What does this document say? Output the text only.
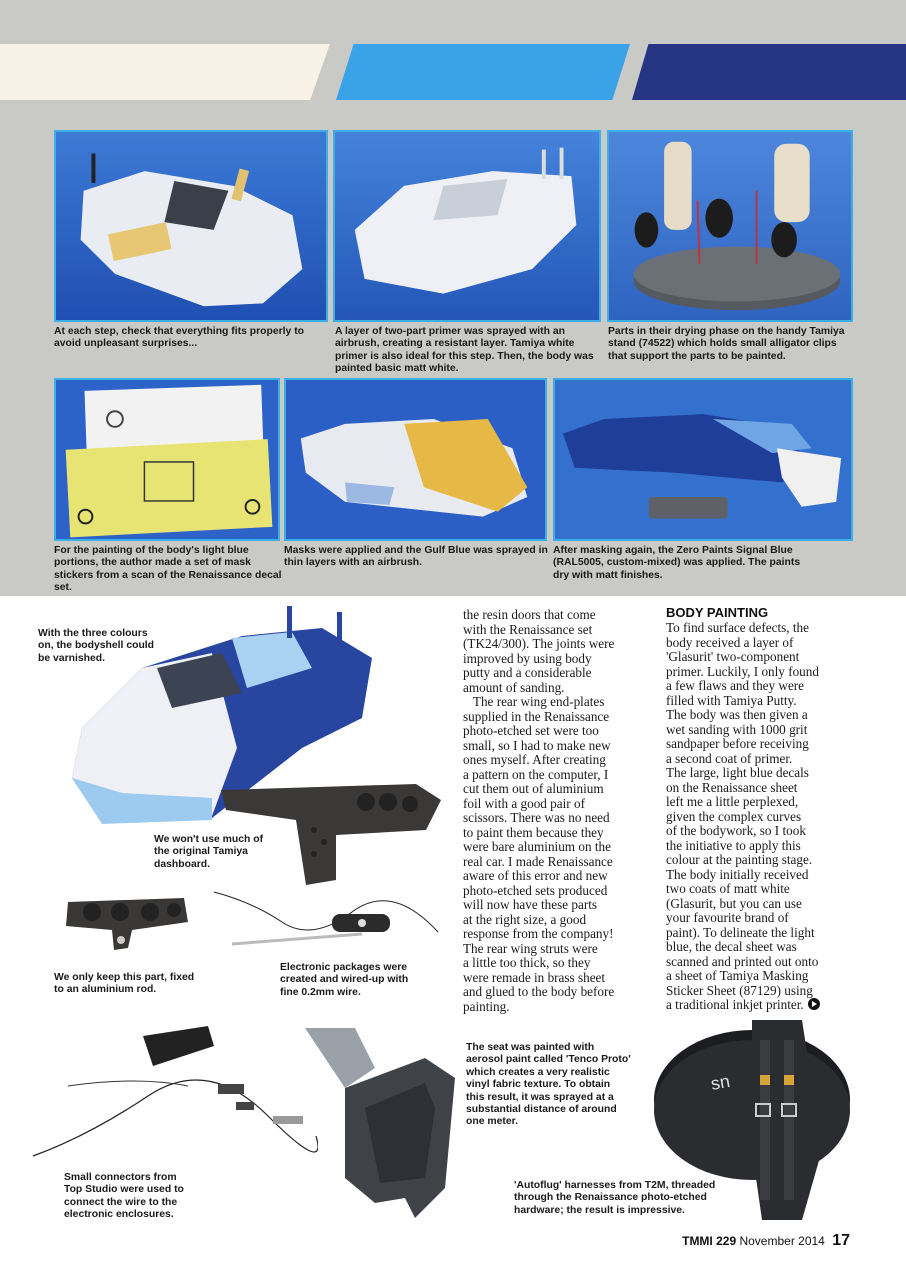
At each step, check that everything fits properly to avoid unpleasant surprises...

A layer of two-part primer was sprayed with an airbrush, creating a resistant layer. Tamiya white primer is also ideal for this step. Then, the body was painted basic matt white.

Parts in their drying phase on the handy Tamiya stand (74522) which holds small alligator clips that support the parts to be painted.

For the painting of the body's light blue portions, the author made a set of mask stickers from a scan of the Renaissance decal set.

Masks were applied and the Gulf Blue was sprayed in thin layers with an airbrush.

After masking again, the Zero Paints Signal Blue (RAL5005, custom-mixed) was applied. The paints dry with matt finishes.

With the three colours on, the bodyshell could be varnished.

We won't use much of the original Tamiya dashboard.

We only keep this part, fixed to an aluminium rod.

Electronic packages were created and wired-up with fine 0.2mm wire.

Small connectors from Top Studio were used to connect the wire to the electronic enclosures.

The seat was painted with aerosol paint called 'Tenco Proto' which creates a very realistic vinyl fabric texture. To obtain this result, it was sprayed at a substantial distance of around one meter.

sn

'Autoflug' harnesses from T2M, threaded through the Renaissance photo-etched hardware; the result is impressive.

the resin doors that come
with the Renaissance set
(TK24/300). The joints were
improved by using body
putty and a considerable
amount of sanding.
The rear wing end-plates
supplied in the Renaissance
photo-etched set were too
small, so I had to make new
ones myself. After creating
a pattern on the computer, I
cut them out of aluminium
foil with a good pair of
scissors. There was no need
to paint them because they
were bare aluminium on the
real car. I made Renaissance
aware of this error and new
photo-etched sets produced
will now have these parts
at the right size, a good
response from the company!
The rear wing struts were
a little too thick, so they
were remade in brass sheet
and glued to the body before
painting.
BODY PAINTING
To find surface defects, the
body received a layer of
'Glasurit' two-component
primer. Luckily, I only found
a few flaws and they were
filled with Tamiya Putty.
The body was then given a
wet sanding with 1000 grit
sandpaper before receiving
a second coat of primer.
The large, light blue decals
on the Renaissance sheet
left me a little perplexed,
given the complex curves
of the bodywork, so I took
the initiative to apply this
colour at the painting stage.
The body initially received
two coats of matt white
(Glasurit, but you can use
your favourite brand of
paint). To delineate the light
blue, the decal sheet was
scanned and printed out onto
a sheet of Tamiya Masking
Sticker Sheet (87129) using
a traditional inkjet printer.
TMMI 229 November 2014 17
